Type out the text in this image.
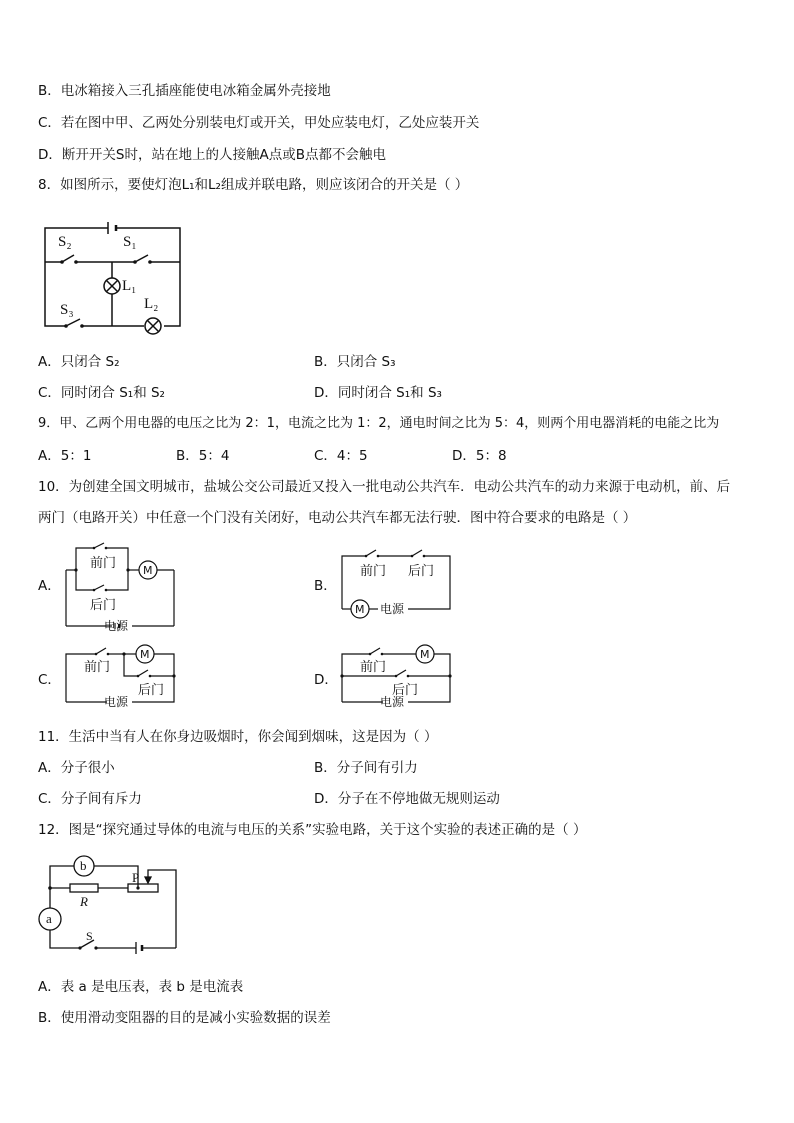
B．电冰箱接入三孔插座能使电冰箱金属外壳接地
C．若在图中甲、乙两处分别装电灯或开关，甲处应装电灯，乙处应装开关
D．断开开关S时，站在地上的人接触A点或B点都不会触电
8．如图所示，要使灯泡L₁和L₂组成并联电路，则应该闭合的开关是（ ）
S₂	S₁
S₃
L₁
L₂
A．只闭合 S₂	B．只闭合 S₃
C．同时闭合 S₁和 S₂	D．同时闭合 S₁和 S₃
9．甲、乙两个用电器的电压之比为 2：1，电流之比为 1：2，通电时间之比为 5：4，则两个用电器消耗的电能之比为
A．5：1	B．5：4	C．4：5	D．5：8
10．为创建全国文明城市，盐城公交公司最近又投入一批电动公共汽车．电动公共汽车的动力来源于电动机，前、后
两门（电路开关）中任意一个门没有关闭好，电动公共汽车都无法行驶．图中符合要求的电路是（ ）
A．
前门
后门
电源
M
B．
前门 后门
电源
M
C．
前门
后门
电源
M
D．
前门
后门
电源
M
11．生活中当有人在你身边吸烟时，你会闻到烟味，这是因为（ ）
A．分子很小	B．分子间有引力
C．分子间有斥力	D．分子在不停地做无规则运动
12．图是“探究通过导体的电流与电压的关系”实验电路，关于这个实验的表述正确的是（ ）
b
a
R
P
S
A．表 a 是电压表，表 b 是电流表
B．使用滑动变阻器的目的是减小实验数据的误差
